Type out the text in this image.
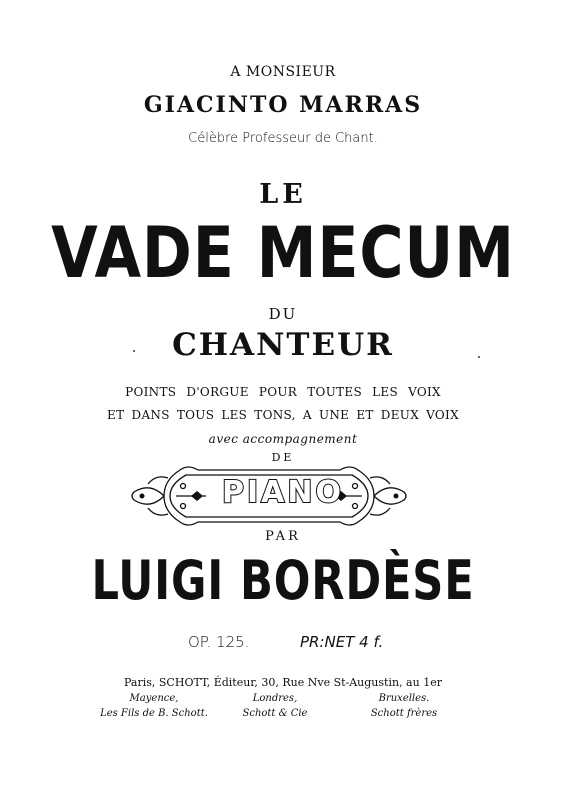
A MONSIEUR
GIACINTO MARRAS
Célèbre Professeur de Chant.
LE
VADE MECUM
DU
CHANTEUR
POINTS D'ORGUE POUR TOUTES LES VOIX
ET DANS TOUS LES TONS, A UNE ET DEUX VOIX
avec accompagnement
DE
PIANO
PAR
LUIGI BORDÈSE
OP. 125.	PR:NET 4 f.
Paris, SCHOTT, Éditeur, 30, Rue Nve St-Augustin, au 1er
Mayence,	Londres,	Bruxelles.
Les Fils de B. Schott.	Schott & Cie	Schott frères
